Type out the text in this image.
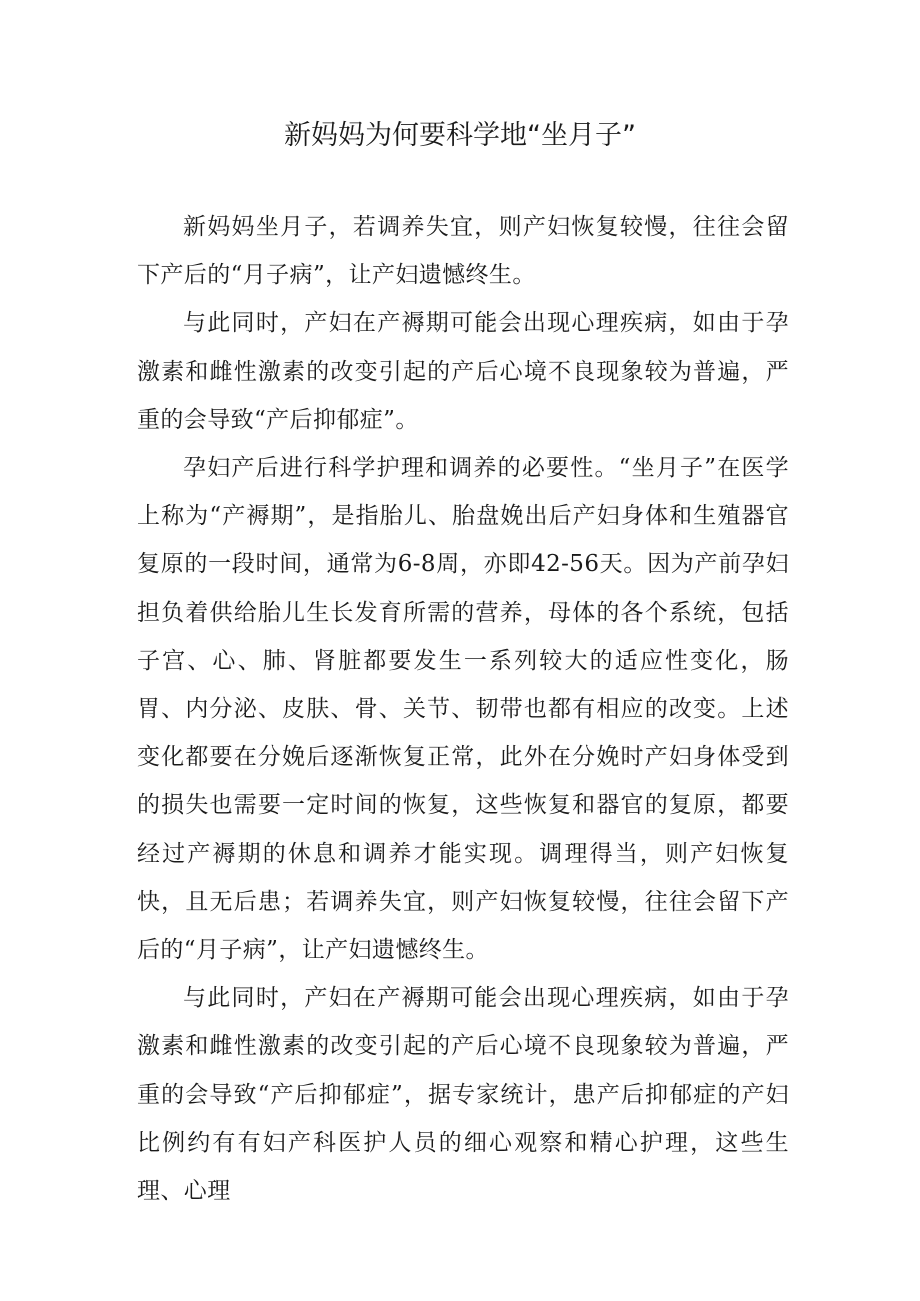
新妈妈为何要科学地“坐月子”

新妈妈坐月子，若调养失宜，则产妇恢复较慢，往往会留下产后的“月子病”，让产妇遗憾终生。

与此同时，产妇在产褥期可能会出现心理疾病，如由于孕激素和雌性激素的改变引起的产后心境不良现象较为普遍，严重的会导致“产后抑郁症”。

孕妇产后进行科学护理和调养的必要性。“坐月子”在医学上称为“产褥期”，是指胎儿、胎盘娩出后产妇身体和生殖器官复原的一段时间，通常为6-8周，亦即42-56天。因为产前孕妇担负着供给胎儿生长发育所需的营养，母体的各个系统，包括子宫、心、肺、肾脏都要发生一系列较大的适应性变化，肠胃、内分泌、皮肤、骨、关节、韧带也都有相应的改变。上述变化都要在分娩后逐渐恢复正常，此外在分娩时产妇身体受到的损失也需要一定时间的恢复，这些恢复和器官的复原，都要经过产褥期的休息和调养才能实现。调理得当，则产妇恢复快，且无后患；若调养失宜，则产妇恢复较慢，往往会留下产后的“月子病”，让产妇遗憾终生。

与此同时，产妇在产褥期可能会出现心理疾病，如由于孕激素和雌性激素的改变引起的产后心境不良现象较为普遍，严重的会导致“产后抑郁症”，据专家统计，患产后抑郁症的产妇比例约有有妇产科医护人员的细心观察和精心护理，这些生理、心理
